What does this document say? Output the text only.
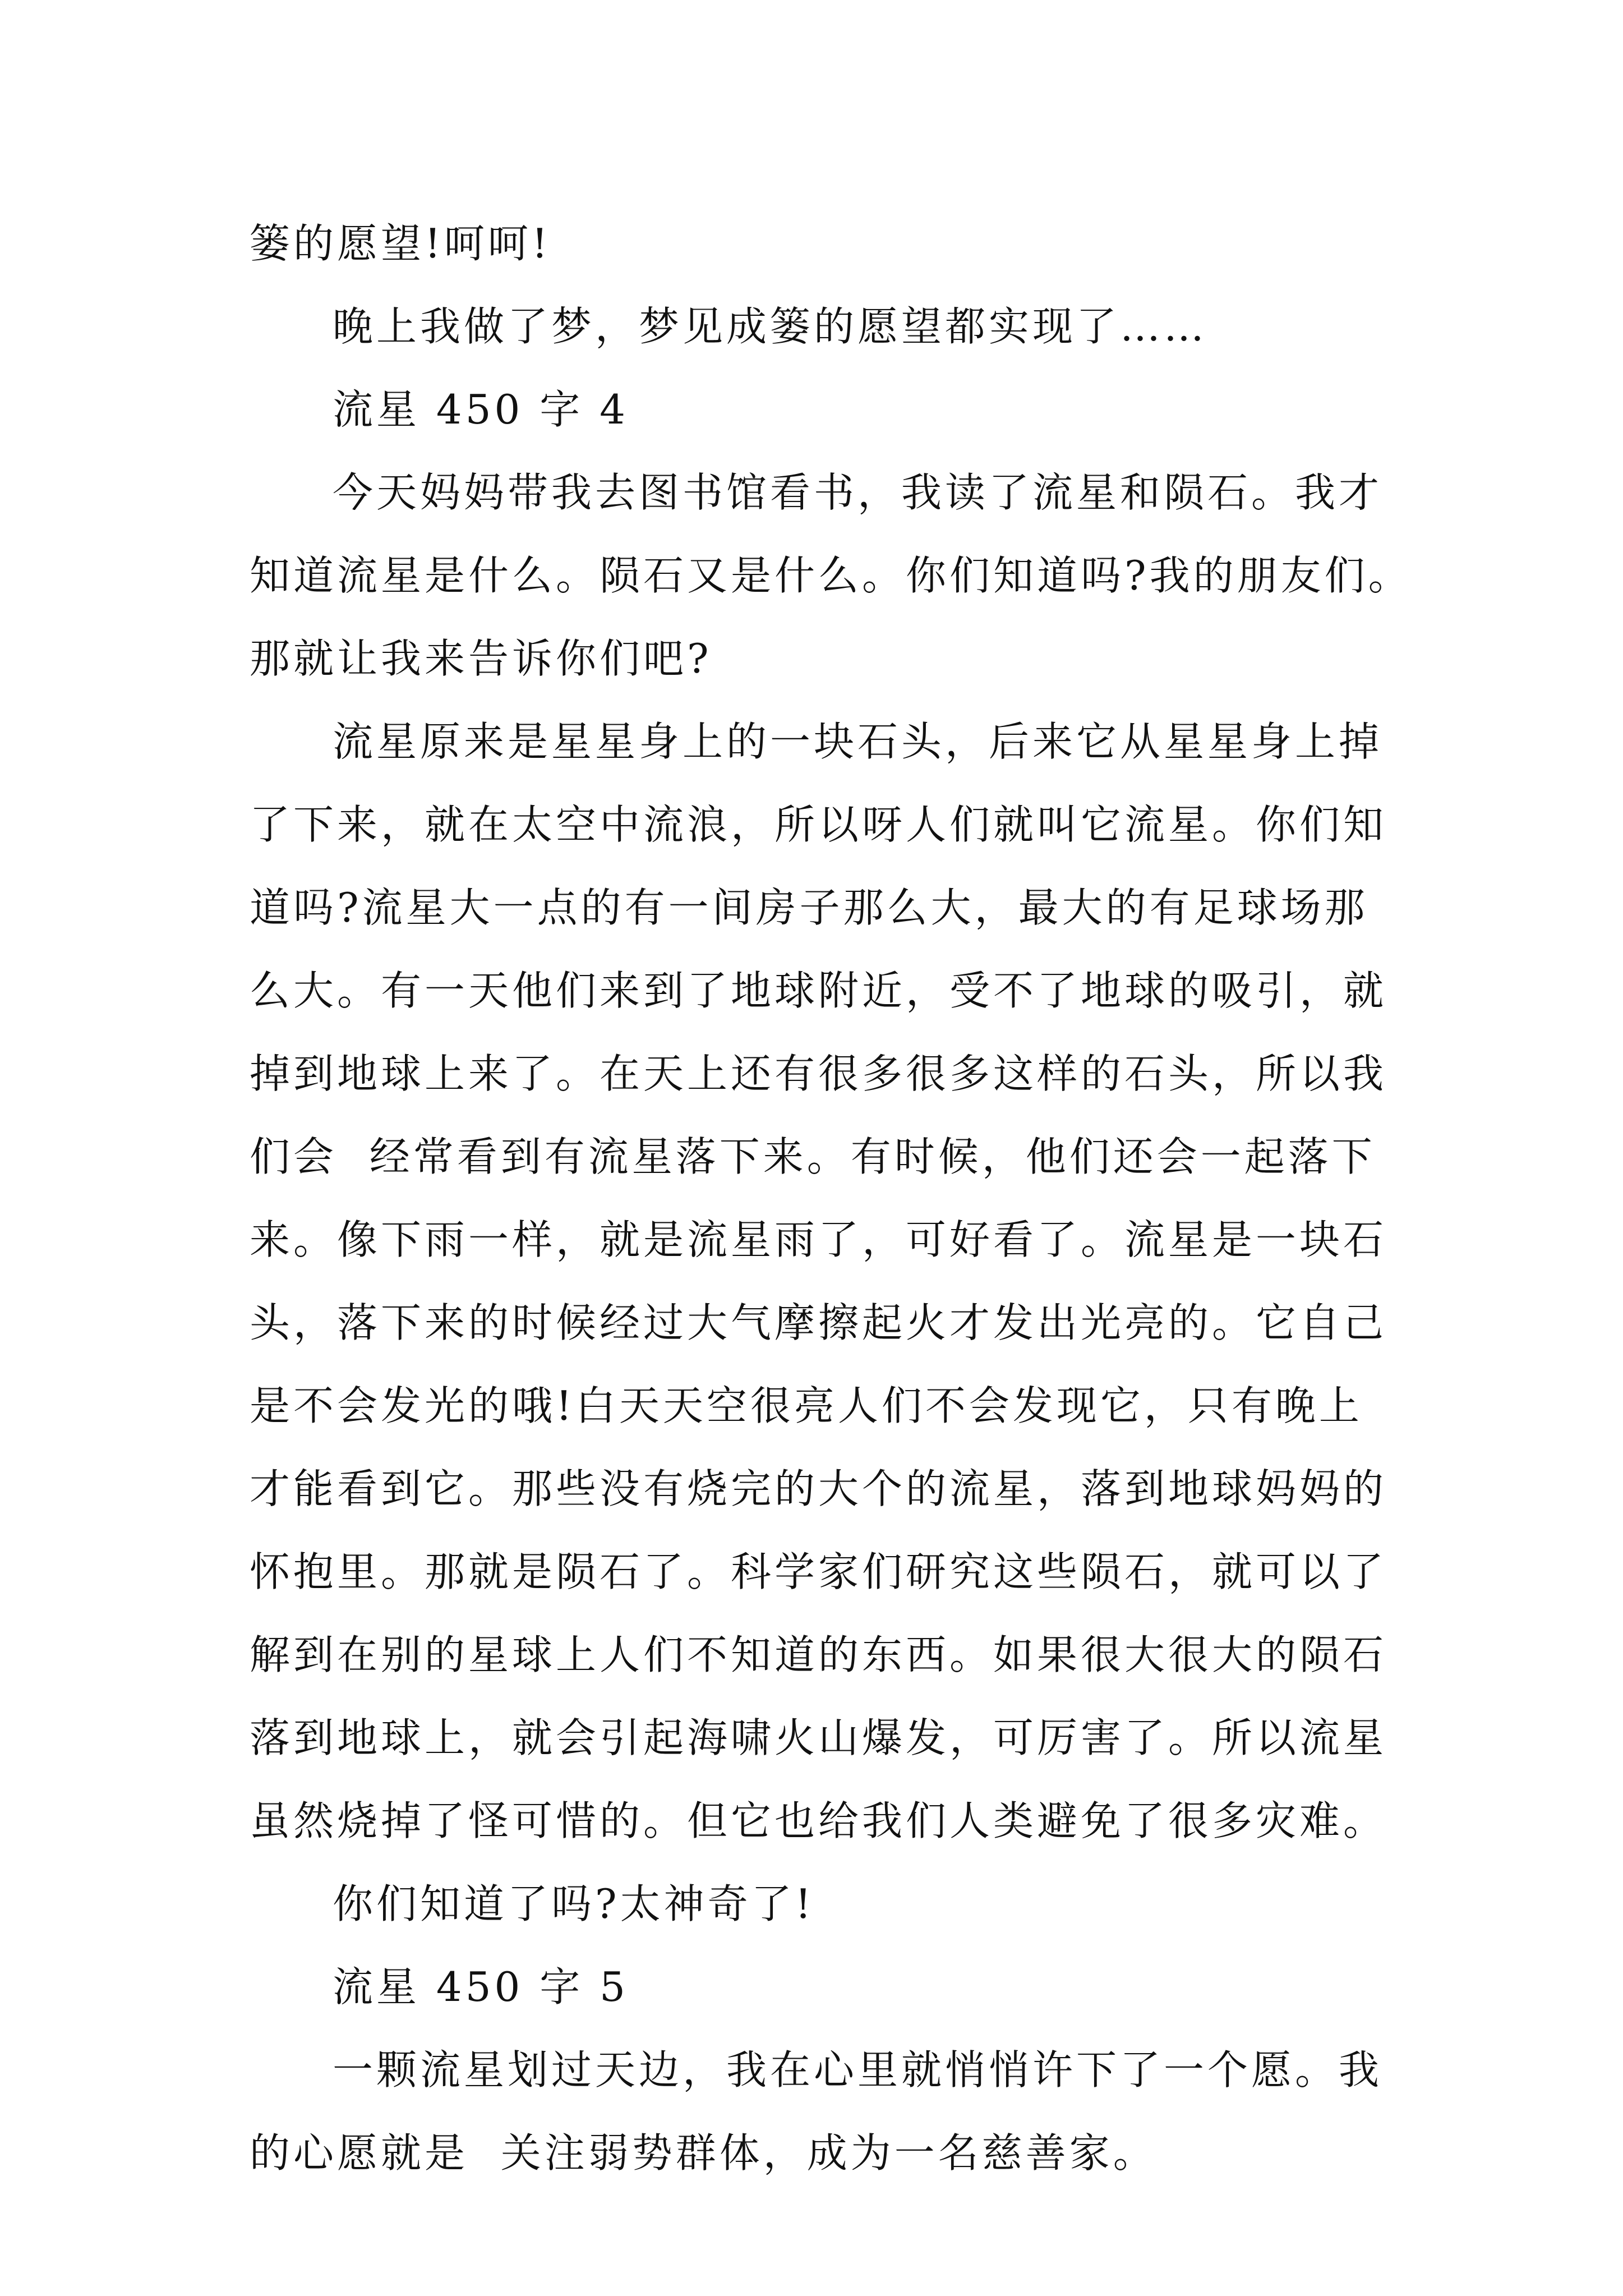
篓的愿望!呵呵!
晚上我做了梦，梦见成篓的愿望都实现了……
流星 450 字 4
今天妈妈带我去图书馆看书，我读了流星和陨石。我才
知道流星是什么。陨石又是什么。你们知道吗?我的朋友们。
那就让我来告诉你们吧?
流星原来是星星身上的一块石头，后来它从星星身上掉
了下来，就在太空中流浪，所以呀人们就叫它流星。你们知
道吗?流星大一点的有一间房子那么大，最大的有足球场那
么大。有一天他们来到了地球附近，受不了地球的吸引，就
掉到地球上来了。在天上还有很多很多这样的石头，所以我
们会  经常看到有流星落下来。有时候，他们还会一起落下
来。像下雨一样，就是流星雨了，可好看了。流星是一块石
头，落下来的时候经过大气摩擦起火才发出光亮的。它自己
是不会发光的哦!白天天空很亮人们不会发现它，只有晚上
才能看到它。那些没有烧完的大个的流星，落到地球妈妈的
怀抱里。那就是陨石了。科学家们研究这些陨石，就可以了
解到在别的星球上人们不知道的东西。如果很大很大的陨石
落到地球上，就会引起海啸火山爆发，可厉害了。所以流星
虽然烧掉了怪可惜的。但它也给我们人类避免了很多灾难。
你们知道了吗?太神奇了!
流星 450 字 5
一颗流星划过天边，我在心里就悄悄许下了一个愿。我
的心愿就是  关注弱势群体，成为一名慈善家。
